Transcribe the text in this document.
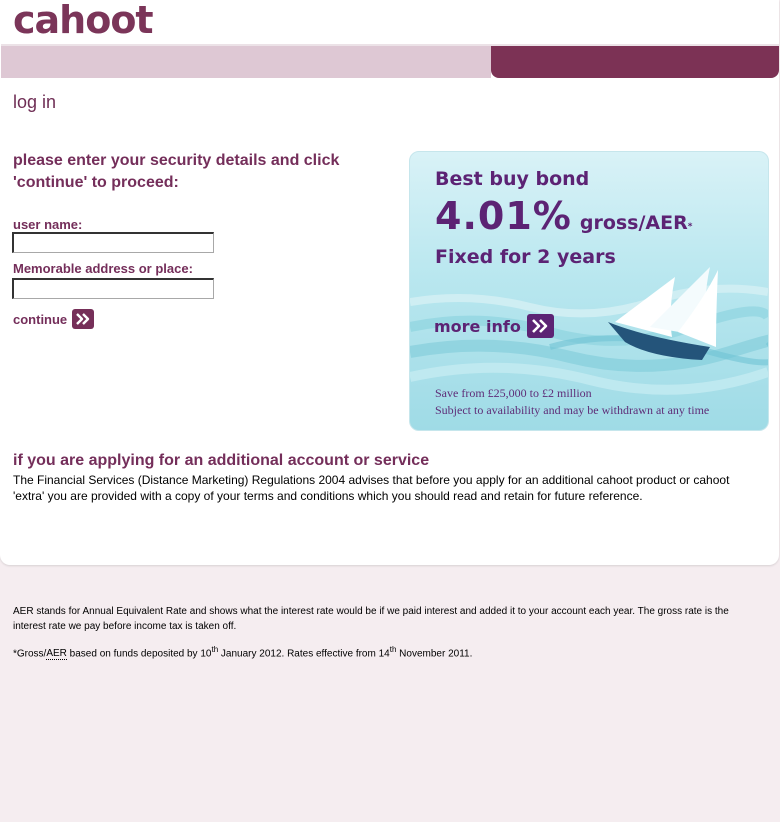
cahoot
log in
please enter your security details and click 'continue' to proceed:
user name:
Memorable address or place:
continue
Best buy bond
4.01% gross/AER *
Fixed for 2 years
more info
Save from £25,000 to £2 million
Subject to availability and may be withdrawn at any time
if you are applying for an additional account or service
The Financial Services (Distance Marketing) Regulations 2004 advises that before you apply for an additional cahoot product or cahoot 'extra' you are provided with a copy of your terms and conditions which you should read and retain for future reference.
AER stands for Annual Equivalent Rate and shows what the interest rate would be if we paid interest and added it to your account each year. The gross rate is the interest rate we pay before income tax is taken off.
*Gross/AER based on funds deposited by 10th January 2012. Rates effective from 14th November 2011.
